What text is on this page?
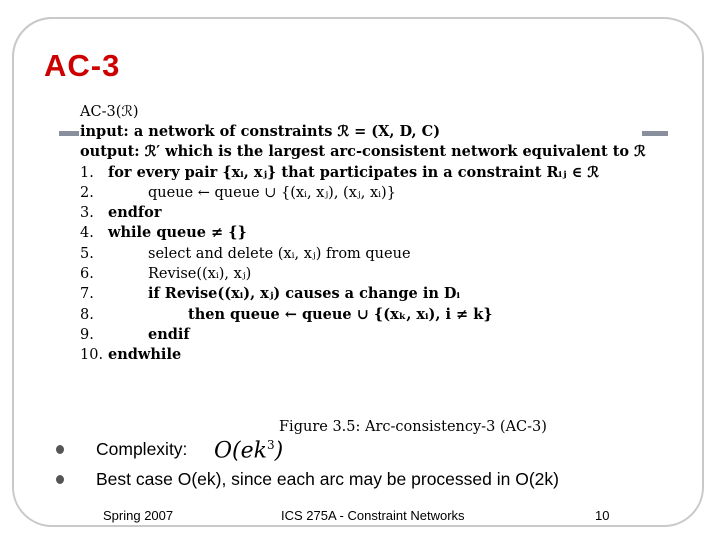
AC-3
AC-3(ℛ)
input: a network of constraints ℛ = (X, D, C)
output: ℛ′ which is the largest arc-consistent network equivalent to ℛ
1. for every pair {xᵢ, xⱼ} that participates in a constraint Rᵢⱼ ∈ ℛ
2.	queue ← queue ∪ {(xᵢ, xⱼ), (xⱼ, xᵢ)}
3. endfor
4. while queue ≠ {}
5.	select and delete (xᵢ, xⱼ) from queue
6.	Revise((xᵢ), xⱼ)
7.	if Revise((xᵢ), xⱼ) causes a change in Dᵢ
8.	then queue ← queue ∪ {(xₖ, xᵢ), i ≠ k}
9.	endif
10. endwhile
Figure 3.5: Arc-consistency-3 (AC-3)
Complexity:
Best case O(ek), since each arc may be processed in O(2k)
$O(ek^3)$
Spring 2007	ICS 275A - Constraint Networks	10
